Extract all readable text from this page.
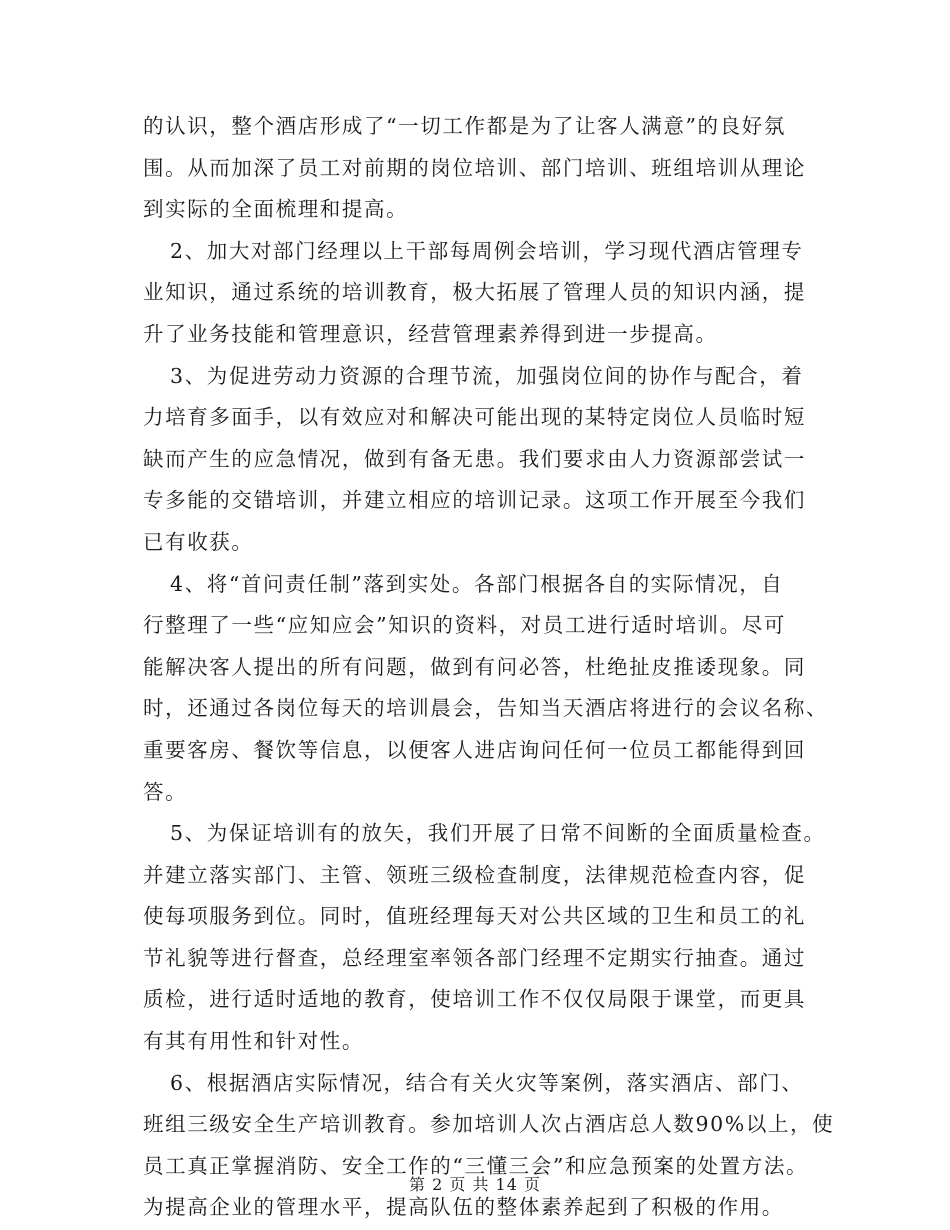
的认识，整个酒店形成了“一切工作都是为了让客人满意”的良好氛
围。从而加深了员工对前期的岗位培训、部门培训、班组培训从理论
到实际的全面梳理和提高。
2、加大对部门经理以上干部每周例会培训，学习现代酒店管理专
业知识，通过系统的培训教育，极大拓展了管理人员的知识内涵，提
升了业务技能和管理意识，经营管理素养得到进一步提高。
3、为促进劳动力资源的合理节流，加强岗位间的协作与配合，着
力培育多面手，以有效应对和解决可能出现的某特定岗位人员临时短
缺而产生的应急情况，做到有备无患。我们要求由人力资源部尝试一
专多能的交错培训，并建立相应的培训记录。这项工作开展至今我们
已有收获。
4、将“首问责任制”落到实处。各部门根据各自的实际情况，自
行整理了一些“应知应会”知识的资料，对员工进行适时培训。尽可
能解决客人提出的所有问题，做到有问必答，杜绝扯皮推诿现象。同
时，还通过各岗位每天的培训晨会，告知当天酒店将进行的会议名称、
重要客房、餐饮等信息，以便客人进店询问任何一位员工都能得到回
答。
5、为保证培训有的放矢，我们开展了日常不间断的全面质量检查。
并建立落实部门、主管、领班三级检查制度，法律规范检查内容，促
使每项服务到位。同时，值班经理每天对公共区域的卫生和员工的礼
节礼貌等进行督查，总经理室率领各部门经理不定期实行抽查。通过
质检，进行适时适地的教育，使培训工作不仅仅局限于课堂，而更具
有其有用性和针对性。
6、根据酒店实际情况，结合有关火灾等案例，落实酒店、部门、
班组三级安全生产培训教育。参加培训人次占酒店总人数90%以上，使
员工真正掌握消防、安全工作的“三懂三会”和应急预案的处置方法。
为提高企业的管理水平，提高队伍的整体素养起到了积极的作用。
第 2 页 共 14 页
